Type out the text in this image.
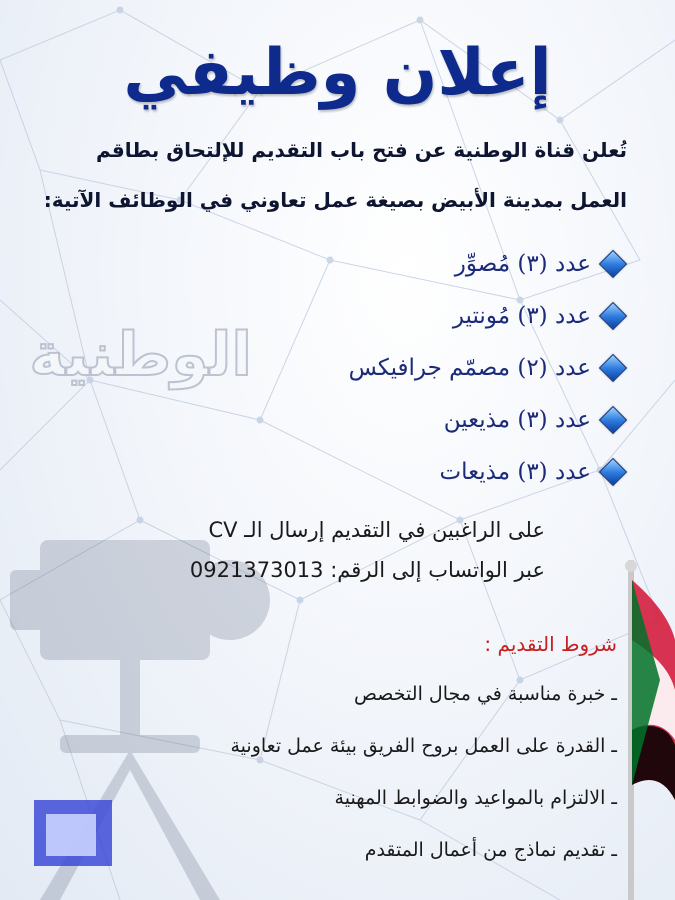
إعلان وظيفي
تُعلن قناة الوطنية عن فتح باب التقديم للإلتحاق بطاقم
العمل بمدينة الأبيض بصيغة عمل تعاوني في الوظائف الآتية:
الوطنية
عدد (٣) مُصوِّر
عدد (٣) مُونتير
عدد (٢) مصمّم جرافيكس
عدد (٣) مذيعين
عدد (٣) مذيعات
على الراغبين في التقديم إرسال الـ CV
عبر الواتساب إلى الرقم: 0921373013
شروط التقديم :
ـ
خبرة مناسبة في مجال التخصص
ـ
القدرة على العمل بروح الفريق بيئة عمل تعاونية
ـ
الالتزام بالمواعيد والضوابط المهنية
ـ
تقديم نماذج من أعمال المتقدم
